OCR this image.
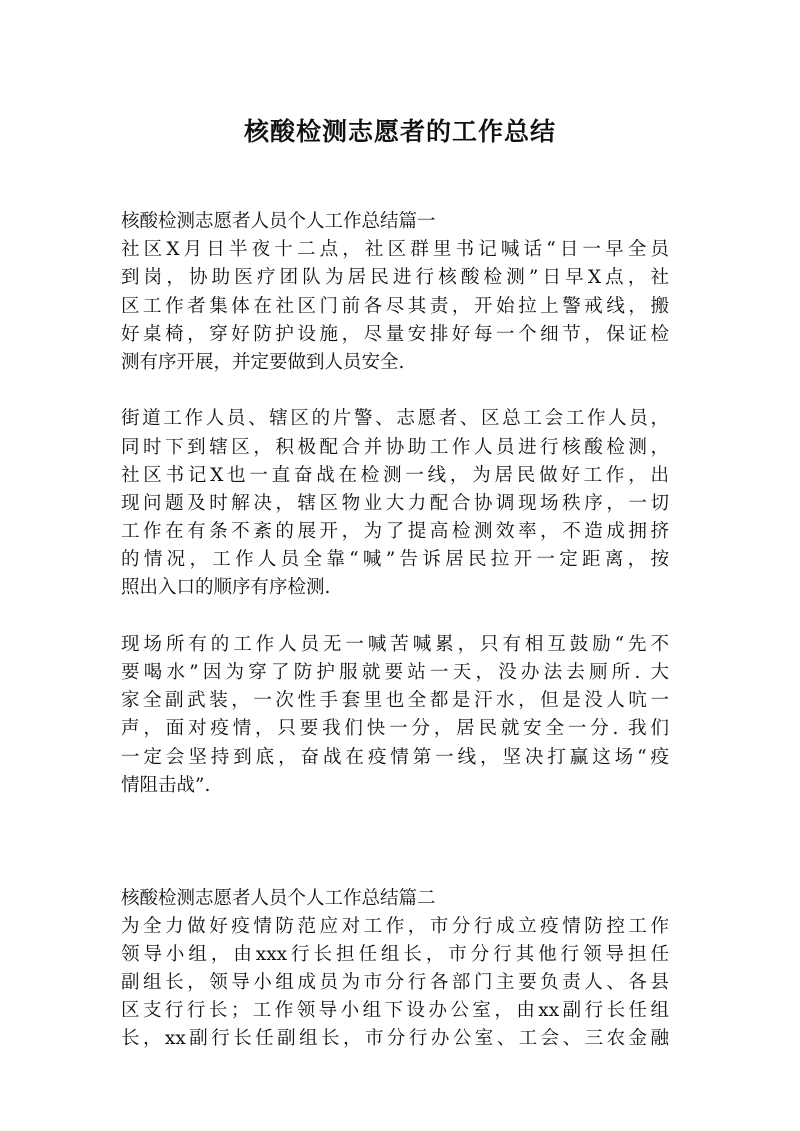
核酸检测志愿者的工作总结
核酸检测志愿者人员个人工作总结篇一
社区X月日半夜十二点，社区群里书记喊话“日一早全员
到岗，协助医疗团队为居民进行核酸检测”日早X点，社
区工作者集体在社区门前各尽其责，开始拉上警戒线，搬
好桌椅，穿好防护设施，尽量安排好每一个细节，保证检
测有序开展，并定要做到人员安全.
街道工作人员、辖区的片警、志愿者、区总工会工作人员，
同时下到辖区，积极配合并协助工作人员进行核酸检测，
社区书记X也一直奋战在检测一线，为居民做好工作，出
现问题及时解决，辖区物业大力配合协调现场秩序，一切
工作在有条不紊的展开，为了提高检测效率，不造成拥挤
的情况，工作人员全靠“喊”告诉居民拉开一定距离，按
照出入口的顺序有序检测.
现场所有的工作人员无一喊苦喊累，只有相互鼓励“先不
要喝水”因为穿了防护服就要站一天，没办法去厕所. 大
家全副武装，一次性手套里也全都是汗水，但是没人吭一
声，面对疫情，只要我们快一分，居民就安全一分. 我们
一定会坚持到底，奋战在疫情第一线，坚决打赢这场“疫
情阻击战”.
核酸检测志愿者人员个人工作总结篇二
为全力做好疫情防范应对工作，市分行成立疫情防控工作
领导小组，由xxx行长担任组长，市分行其他行领导担任
副组长，领导小组成员为市分行各部门主要负责人、各县
区支行行长；工作领导小组下设办公室，由xx副行长任组
长，xx副行长任副组长，市分行办公室、工会、三农金融
